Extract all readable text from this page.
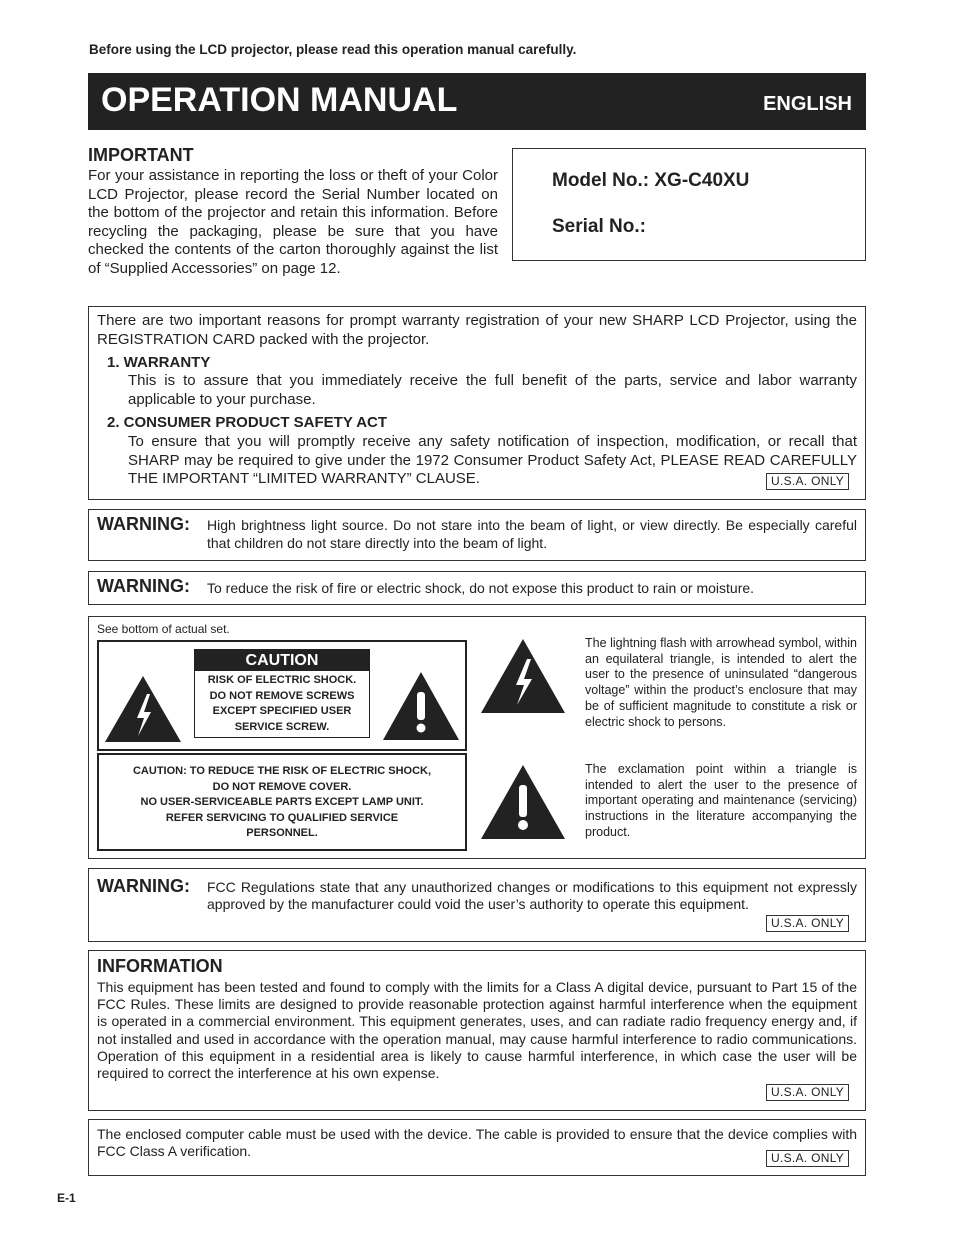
Before using the LCD projector, please read this operation manual carefully.
OPERATION MANUAL	ENGLISH
IMPORTANT
For your assistance in reporting the loss or theft of your Color LCD Projector, please record the Serial Number located on the bottom of the projector and retain this information. Before recycling the packaging, please be sure that you have checked the contents of the carton thoroughly against the list of “Supplied Accessories” on page 12.
Model No.: XG-C40XU
Serial No.:
There are two important reasons for prompt warranty registration of your new SHARP LCD Projector, using the REGISTRATION CARD packed with the projector.
1. WARRANTY
This is to assure that you immediately receive the full benefit of the parts, service and labor warranty applicable to your purchase.
2. CONSUMER PRODUCT SAFETY ACT
To ensure that you will promptly receive any safety notification of inspection, modification, or recall that SHARP may be required to give under the 1972 Consumer Product Safety Act, PLEASE READ CAREFULLY THE IMPORTANT “LIMITED WARRANTY” CLAUSE.	U.S.A. ONLY
WARNING: High brightness light source. Do not stare into the beam of light, or view directly. Be especially careful that children do not stare directly into the beam of light.
WARNING: To reduce the risk of fire or electric shock, do not expose this product to rain or moisture.
See bottom of actual set.
CAUTION
RISK OF ELECTRIC SHOCK.
DO NOT REMOVE SCREWS
EXCEPT SPECIFIED USER
SERVICE SCREW.
CAUTION: TO REDUCE THE RISK OF ELECTRIC SHOCK,
DO NOT REMOVE COVER.
NO USER-SERVICEABLE PARTS EXCEPT LAMP UNIT.
REFER SERVICING TO QUALIFIED SERVICE
PERSONNEL.
The lightning flash with arrowhead symbol, within an equilateral triangle, is intended to alert the user to the presence of uninsulated “dangerous voltage” within the product’s enclosure that may be of sufficient magnitude to constitute a risk or electric shock to persons.
The exclamation point within a triangle is intended to alert the user to the presence of important operating and maintenance (servicing) instructions in the literature accompanying the product.
WARNING: FCC Regulations state that any unauthorized changes or modifications to this equipment not expressly approved by the manufacturer could void the user’s authority to operate this equipment.
U.S.A. ONLY
INFORMATION
This equipment has been tested and found to comply with the limits for a Class A digital device, pursuant to Part 15 of the FCC Rules. These limits are designed to provide reasonable protection against harmful interference when the equipment is operated in a commercial environment. This equipment generates, uses, and can radiate radio frequency energy and, if not installed and used in accordance with the operation manual, may cause harmful interference to radio communications. Operation of this equipment in a residential area is likely to cause harmful interference, in which case the user will be required to correct the interference at his own expense.
U.S.A. ONLY
The enclosed computer cable must be used with the device. The cable is provided to ensure that the device complies with FCC Class A verification.	U.S.A. ONLY
E-1
